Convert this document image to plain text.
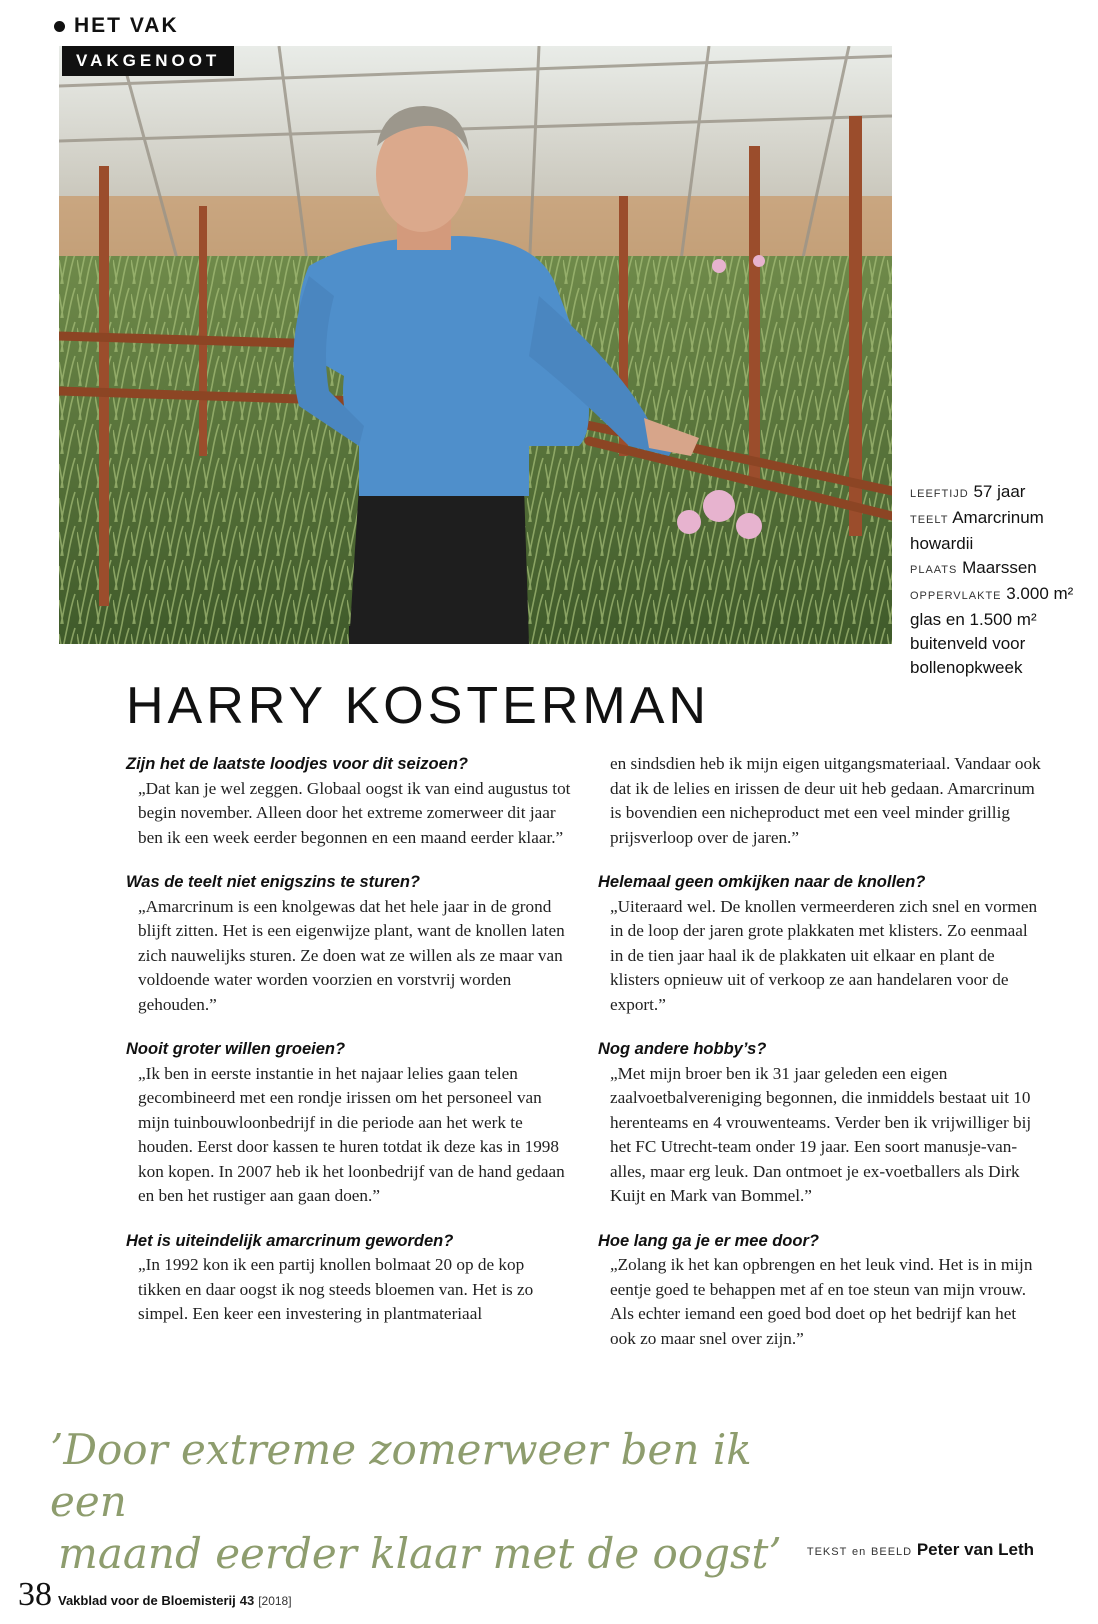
HET VAK
VAKGENOOT
LEEFTIJD 57 jaar
TEELT Amarcrinum howardii
PLAATS Maarssen
OPPERVLAKTE 3.000 m² glas en 1.500 m² buitenveld voor bollenopkweek
HARRY KOSTERMAN
Zijn het de laatste loodjes voor dit seizoen?
„Dat kan je wel zeggen. Globaal oogst ik van eind augustus tot begin november. Alleen door het extreme zomerweer dit jaar ben ik een week eerder begonnen en een maand eerder klaar.”
Was de teelt niet enigszins te sturen?
„Amarcrinum is een knolgewas dat het hele jaar in de grond blijft zitten. Het is een eigenwijze plant, want de knollen laten zich nauwelijks sturen. Ze doen wat ze willen als ze maar van voldoende water worden voorzien en vorstvrij worden gehouden.”
Nooit groter willen groeien?
„Ik ben in eerste instantie in het najaar lelies gaan telen gecombineerd met een rondje irissen om het personeel van mijn tuinbouwloonbedrijf in die periode aan het werk te houden. Eerst door kassen te huren totdat ik deze kas in 1998 kon kopen. In 2007 heb ik het loonbedrijf van de hand gedaan en ben het rustiger aan gaan doen.”
Het is uiteindelijk amarcrinum geworden?
„In 1992 kon ik een partij knollen bolmaat 20 op de kop tikken en daar oogst ik nog steeds bloemen van. Het is zo simpel. Een keer een investering in plantmateriaal
en sindsdien heb ik mijn eigen uitgangsmateriaal. Vandaar ook dat ik de lelies en irissen de deur uit heb gedaan. Amarcrinum is bovendien een nicheproduct met een veel minder grillig prijsverloop over de jaren.”
Helemaal geen omkijken naar de knollen?
„Uiteraard wel. De knollen vermeerderen zich snel en vormen in de loop der jaren grote plakkaten met klisters. Zo eenmaal in de tien jaar haal ik de plakkaten uit elkaar en plant de klisters opnieuw uit of verkoop ze aan handelaren voor de export.”
Nog andere hobby’s?
„Met mijn broer ben ik 31 jaar geleden een eigen zaalvoetbalvereniging begonnen, die inmiddels bestaat uit 10 herenteams en 4 vrouwenteams. Verder ben ik vrijwilliger bij het FC Utrecht-team onder 19 jaar. Een soort manusje-van-alles, maar erg leuk. Dan ontmoet je ex-voetballers als Dirk Kuijt en Mark van Bommel.”
Hoe lang ga je er mee door?
„Zolang ik het kan opbrengen en het leuk vind. Het is in mijn eentje goed te behappen met af en toe steun van mijn vrouw. Als echter iemand een goed bod doet op het bedrijf kan het ook zo maar snel over zijn.”
’Door extreme zomerweer ben ik een
maand eerder klaar met de oogst’	TEKST en BEELD Peter van Leth
38 Vakblad voor de Bloemisterij 43 [2018]
